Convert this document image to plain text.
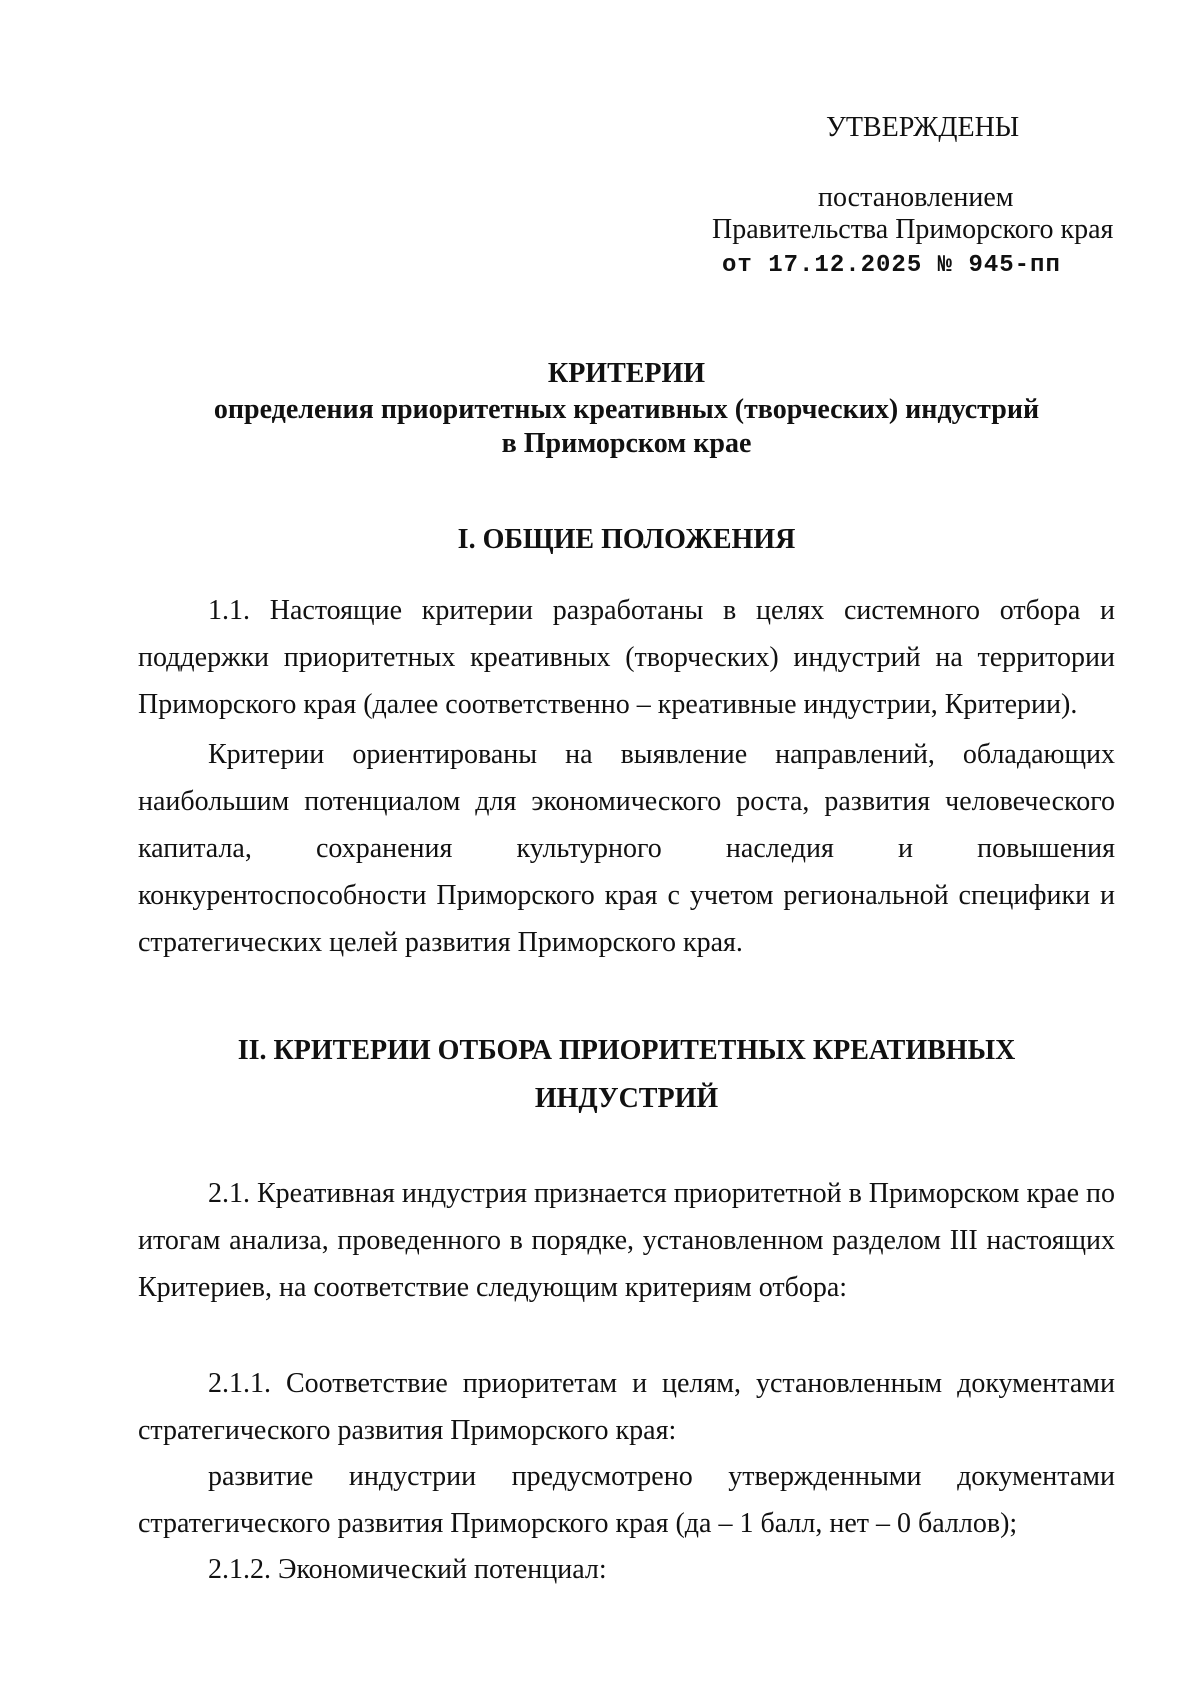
УТВЕРЖДЕНЫ
постановлением
Правительства Приморского края
от 17.12.2025 № 945-пп
КРИТЕРИИ
определения приоритетных креативных (творческих) индустрий
в Приморском крае
I. ОБЩИЕ ПОЛОЖЕНИЯ
1.1. Настоящие критерии разработаны в целях системного отбора и поддержки приоритетных креативных (творческих) индустрий на территории Приморского края (далее соответственно – креативные индустрии, Критерии).
Критерии ориентированы на выявление направлений, обладающих наибольшим потенциалом для экономического роста, развития человеческого капитала, сохранения культурного наследия и повышения конкурентоспособности Приморского края с учетом региональной специфики и стратегических целей развития Приморского края.
II. КРИТЕРИИ ОТБОРА ПРИОРИТЕТНЫХ КРЕАТИВНЫХ
ИНДУСТРИЙ
2.1. Креативная индустрия признается приоритетной в Приморском крае по итогам анализа, проведенного в порядке, установленном разделом III настоящих Критериев, на соответствие следующим критериям отбора:
2.1.1. Соответствие приоритетам и целям, установленным документами стратегического развития Приморского края:
развитие индустрии предусмотрено утвержденными документами стратегического развития Приморского края (да – 1 балл, нет – 0 баллов);
2.1.2. Экономический потенциал:
